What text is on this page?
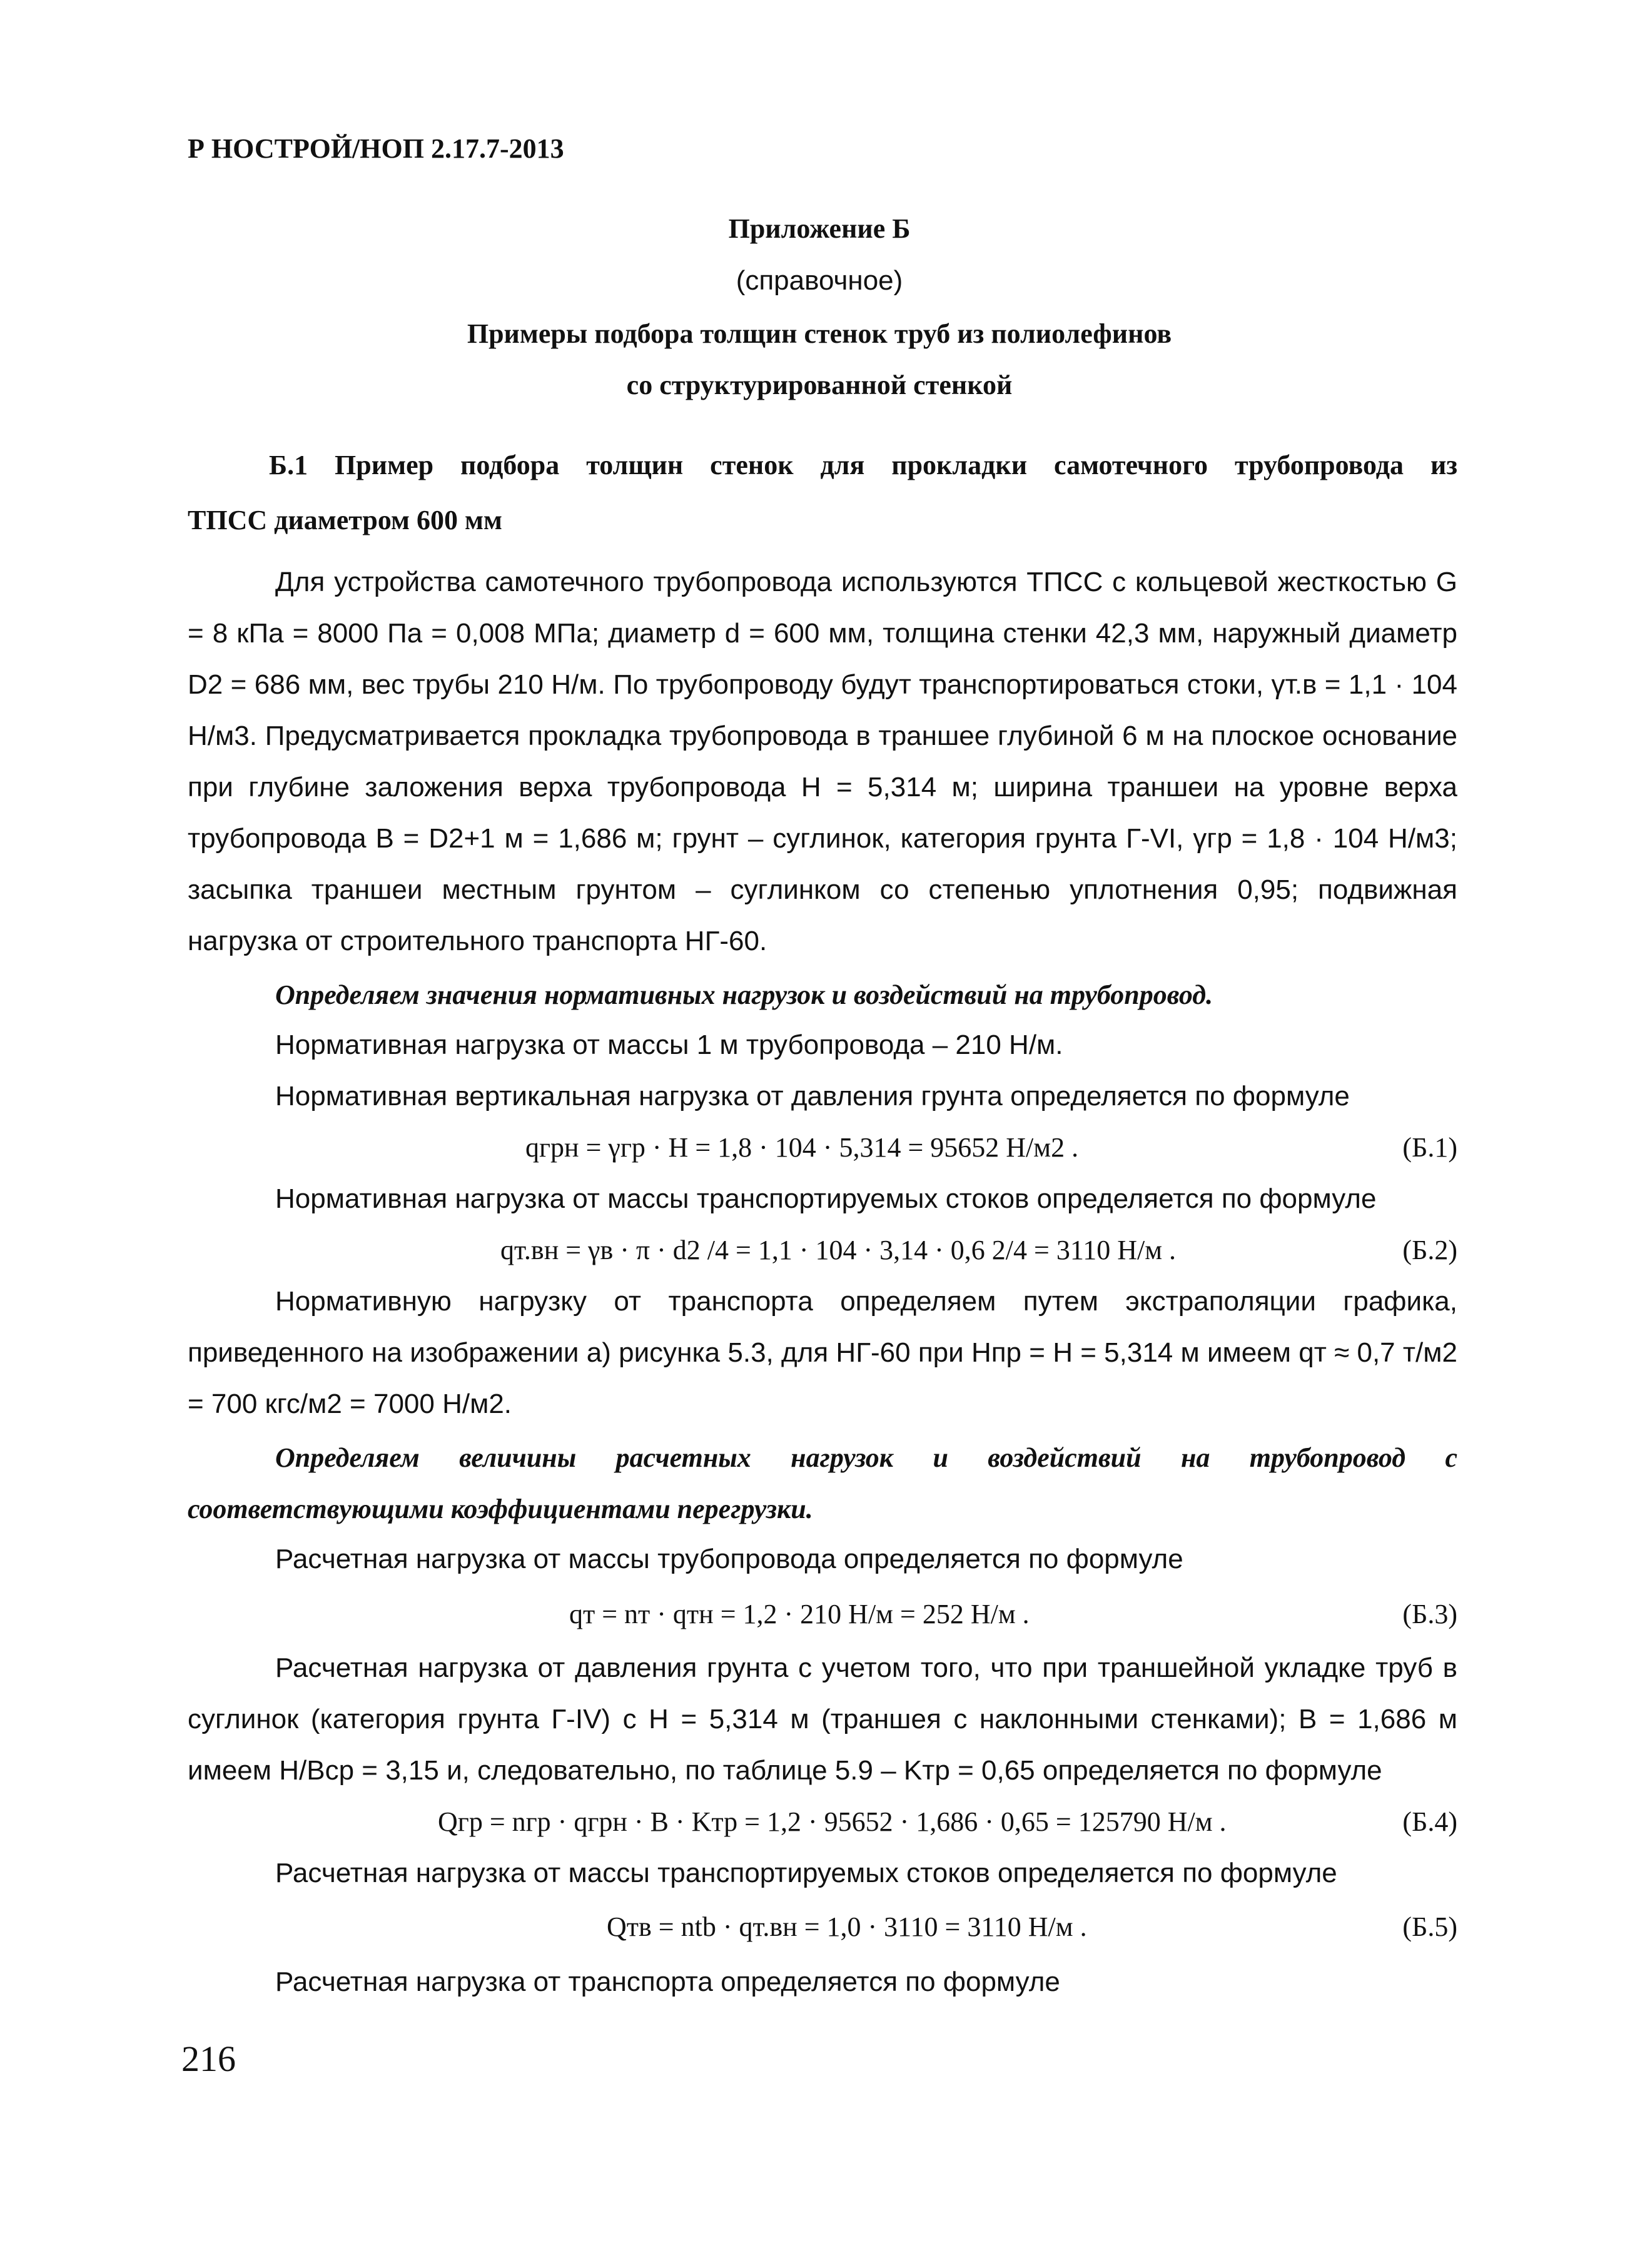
Р НОСТРОЙ/НОП 2.17.7-2013
Приложение Б
(справочное)
Примеры подбора толщин стенок труб из полиолефинов
со структурированной стенкой
Б.1 Пример подбора толщин стенок для прокладки самотечного трубопровода из
ТПСС диаметром 600 мм
Для устройства самотечного трубопровода используются ТПСС с кольцевой жесткостью G = 8 кПа = 8000 Па = 0,008 МПа; диаметр d = 600 мм, толщина стенки 42,3 мм, наружный диаметр D2 = 686 мм, вес трубы 210 Н/м. По трубопроводу будут транспортироваться стоки, γт.в = 1,1 · 104 Н/м3. Предусматривается прокладка трубопровода в траншее глубиной 6 м на плоское основание при глубине заложения верха трубопровода H = 5,314 м; ширина траншеи на уровне верха трубопровода B = D2+1 м = 1,686 м; грунт – суглинок, категория грунта Г-VI, γгр = 1,8 · 104 Н/м3; засыпка траншеи местным грунтом – суглинком со степенью уплотнения 0,95; подвижная нагрузка от строительного транспорта НГ-60.
Определяем значения нормативных нагрузок и воздействий на трубопровод.
Нормативная нагрузка от массы 1 м трубопровода – 210 Н/м.
Нормативная вертикальная нагрузка от давления грунта определяется по формуле
qгрн = γгр · H = 1,8 · 104 · 5,314 = 95652 Н/м2 .	(Б.1)
Нормативная нагрузка от массы транспортируемых стоков определяется по формуле
qт.вн = γв · π · d2 /4 = 1,1 · 104 · 3,14 · 0,6 2/4 = 3110 Н/м .	(Б.2)
Нормативную нагрузку от транспорта определяем путем экстраполяции графика, приведенного на изображении а) рисунка 5.3, для НГ-60 при Hпр = H = 5,314 м имеем qт ≈ 0,7 т/м2 = 700 кгс/м2 = 7000 Н/м2.
Определяем величины расчетных нагрузок и воздействий на трубопровод с соответствующими коэффициентами перегрузки.
Расчетная нагрузка от массы трубопровода определяется по формуле
qт = nт · qтн = 1,2 · 210 Н/м = 252 Н/м .	(Б.3)
Расчетная нагрузка от давления грунта с учетом того, что при траншейной укладке труб в суглинок (категория грунта Г-IV) с H = 5,314 м (траншея с наклонными стенками); B = 1,686 м имеем H/Bср = 3,15 и, следовательно, по таблице 5.9 – Kтр = 0,65 определяется по формуле
Qгр = nгр · qгрн · B · Kтр = 1,2 · 95652 · 1,686 · 0,65 = 125790 Н/м .	(Б.4)
Расчетная нагрузка от массы транспортируемых стоков определяется по формуле
Qтв = ntb · qт.вн = 1,0 · 3110 = 3110 Н/м .	(Б.5)
Расчетная нагрузка от транспорта определяется по формуле
216
